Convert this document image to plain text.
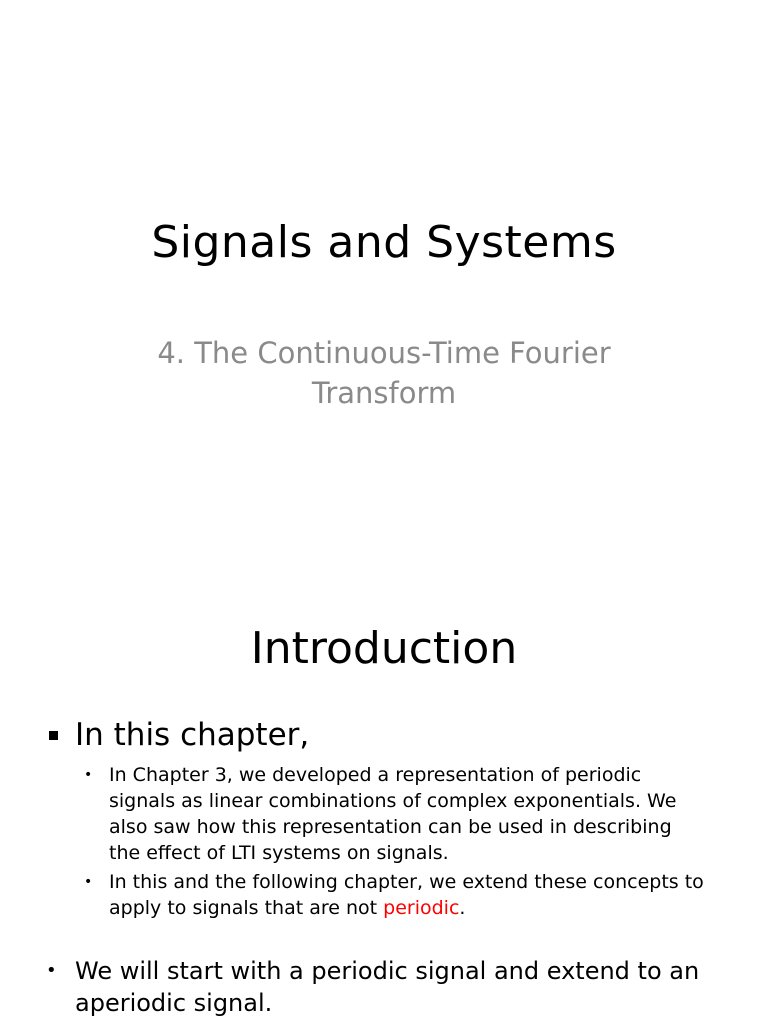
Signals and Systems
4. The Continuous-Time Fourier
Transform
Introduction
In this chapter,
• In Chapter 3, we developed a representation of periodic
signals as linear combinations of complex exponentials. We
also saw how this representation can be used in describing
the effect of LTI systems on signals.
• In this and the following chapter, we extend these concepts to
apply to signals that are not periodic.
• We will start with a periodic signal and extend to an
aperiodic signal.
